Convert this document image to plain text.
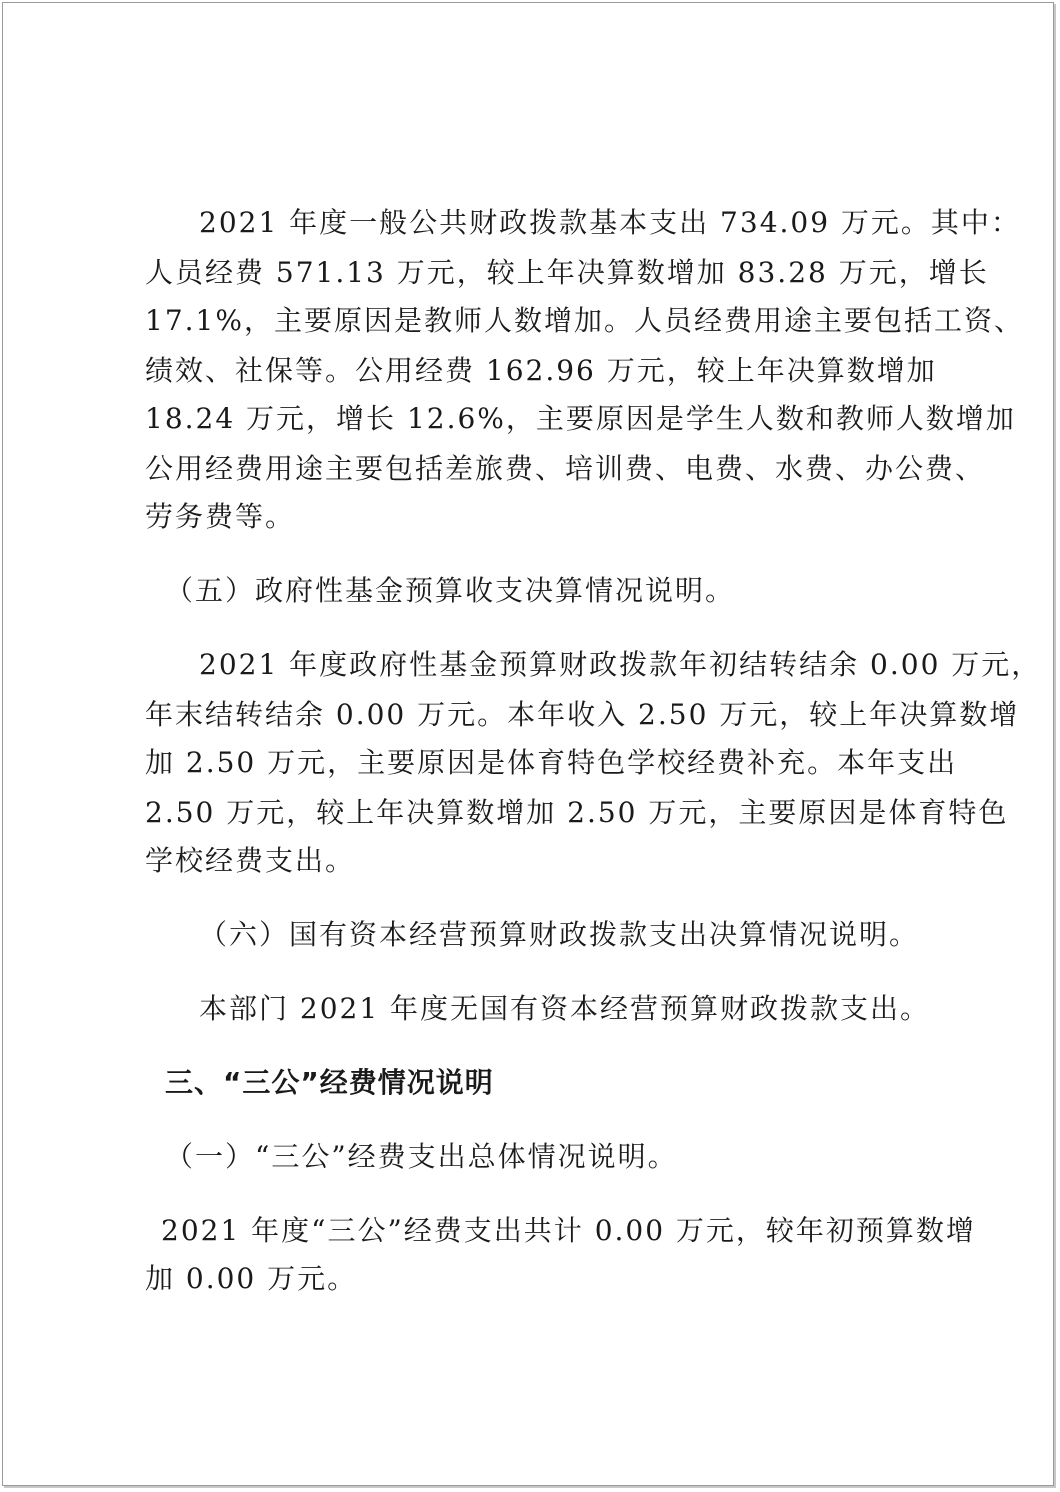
2021 年度一般公共财政拨款基本支出 734.09 万元。其中：
人员经费 571.13 万元，较上年决算数增加 83.28 万元，增长
17.1%，主要原因是教师人数增加。人员经费用途主要包括工资、
绩效、社保等。公用经费 162.96 万元，较上年决算数增加
18.24 万元，增长 12.6%，主要原因是学生人数和教师人数增加
公用经费用途主要包括差旅费、培训费、电费、水费、办公费、
劳务费等。
（五）政府性基金预算收支决算情况说明。
2021 年度政府性基金预算财政拨款年初结转结余 0.00 万元，
年末结转结余 0.00 万元。本年收入 2.50 万元，较上年决算数增
加 2.50 万元，主要原因是体育特色学校经费补充。本年支出
2.50 万元，较上年决算数增加 2.50 万元，主要原因是体育特色
学校经费支出。
（六）国有资本经营预算财政拨款支出决算情况说明。
本部门 2021 年度无国有资本经营预算财政拨款支出。
三、“三公”经费情况说明
（一）“三公”经费支出总体情况说明。
2021 年度“三公”经费支出共计 0.00 万元，较年初预算数增
加 0.00 万元。
